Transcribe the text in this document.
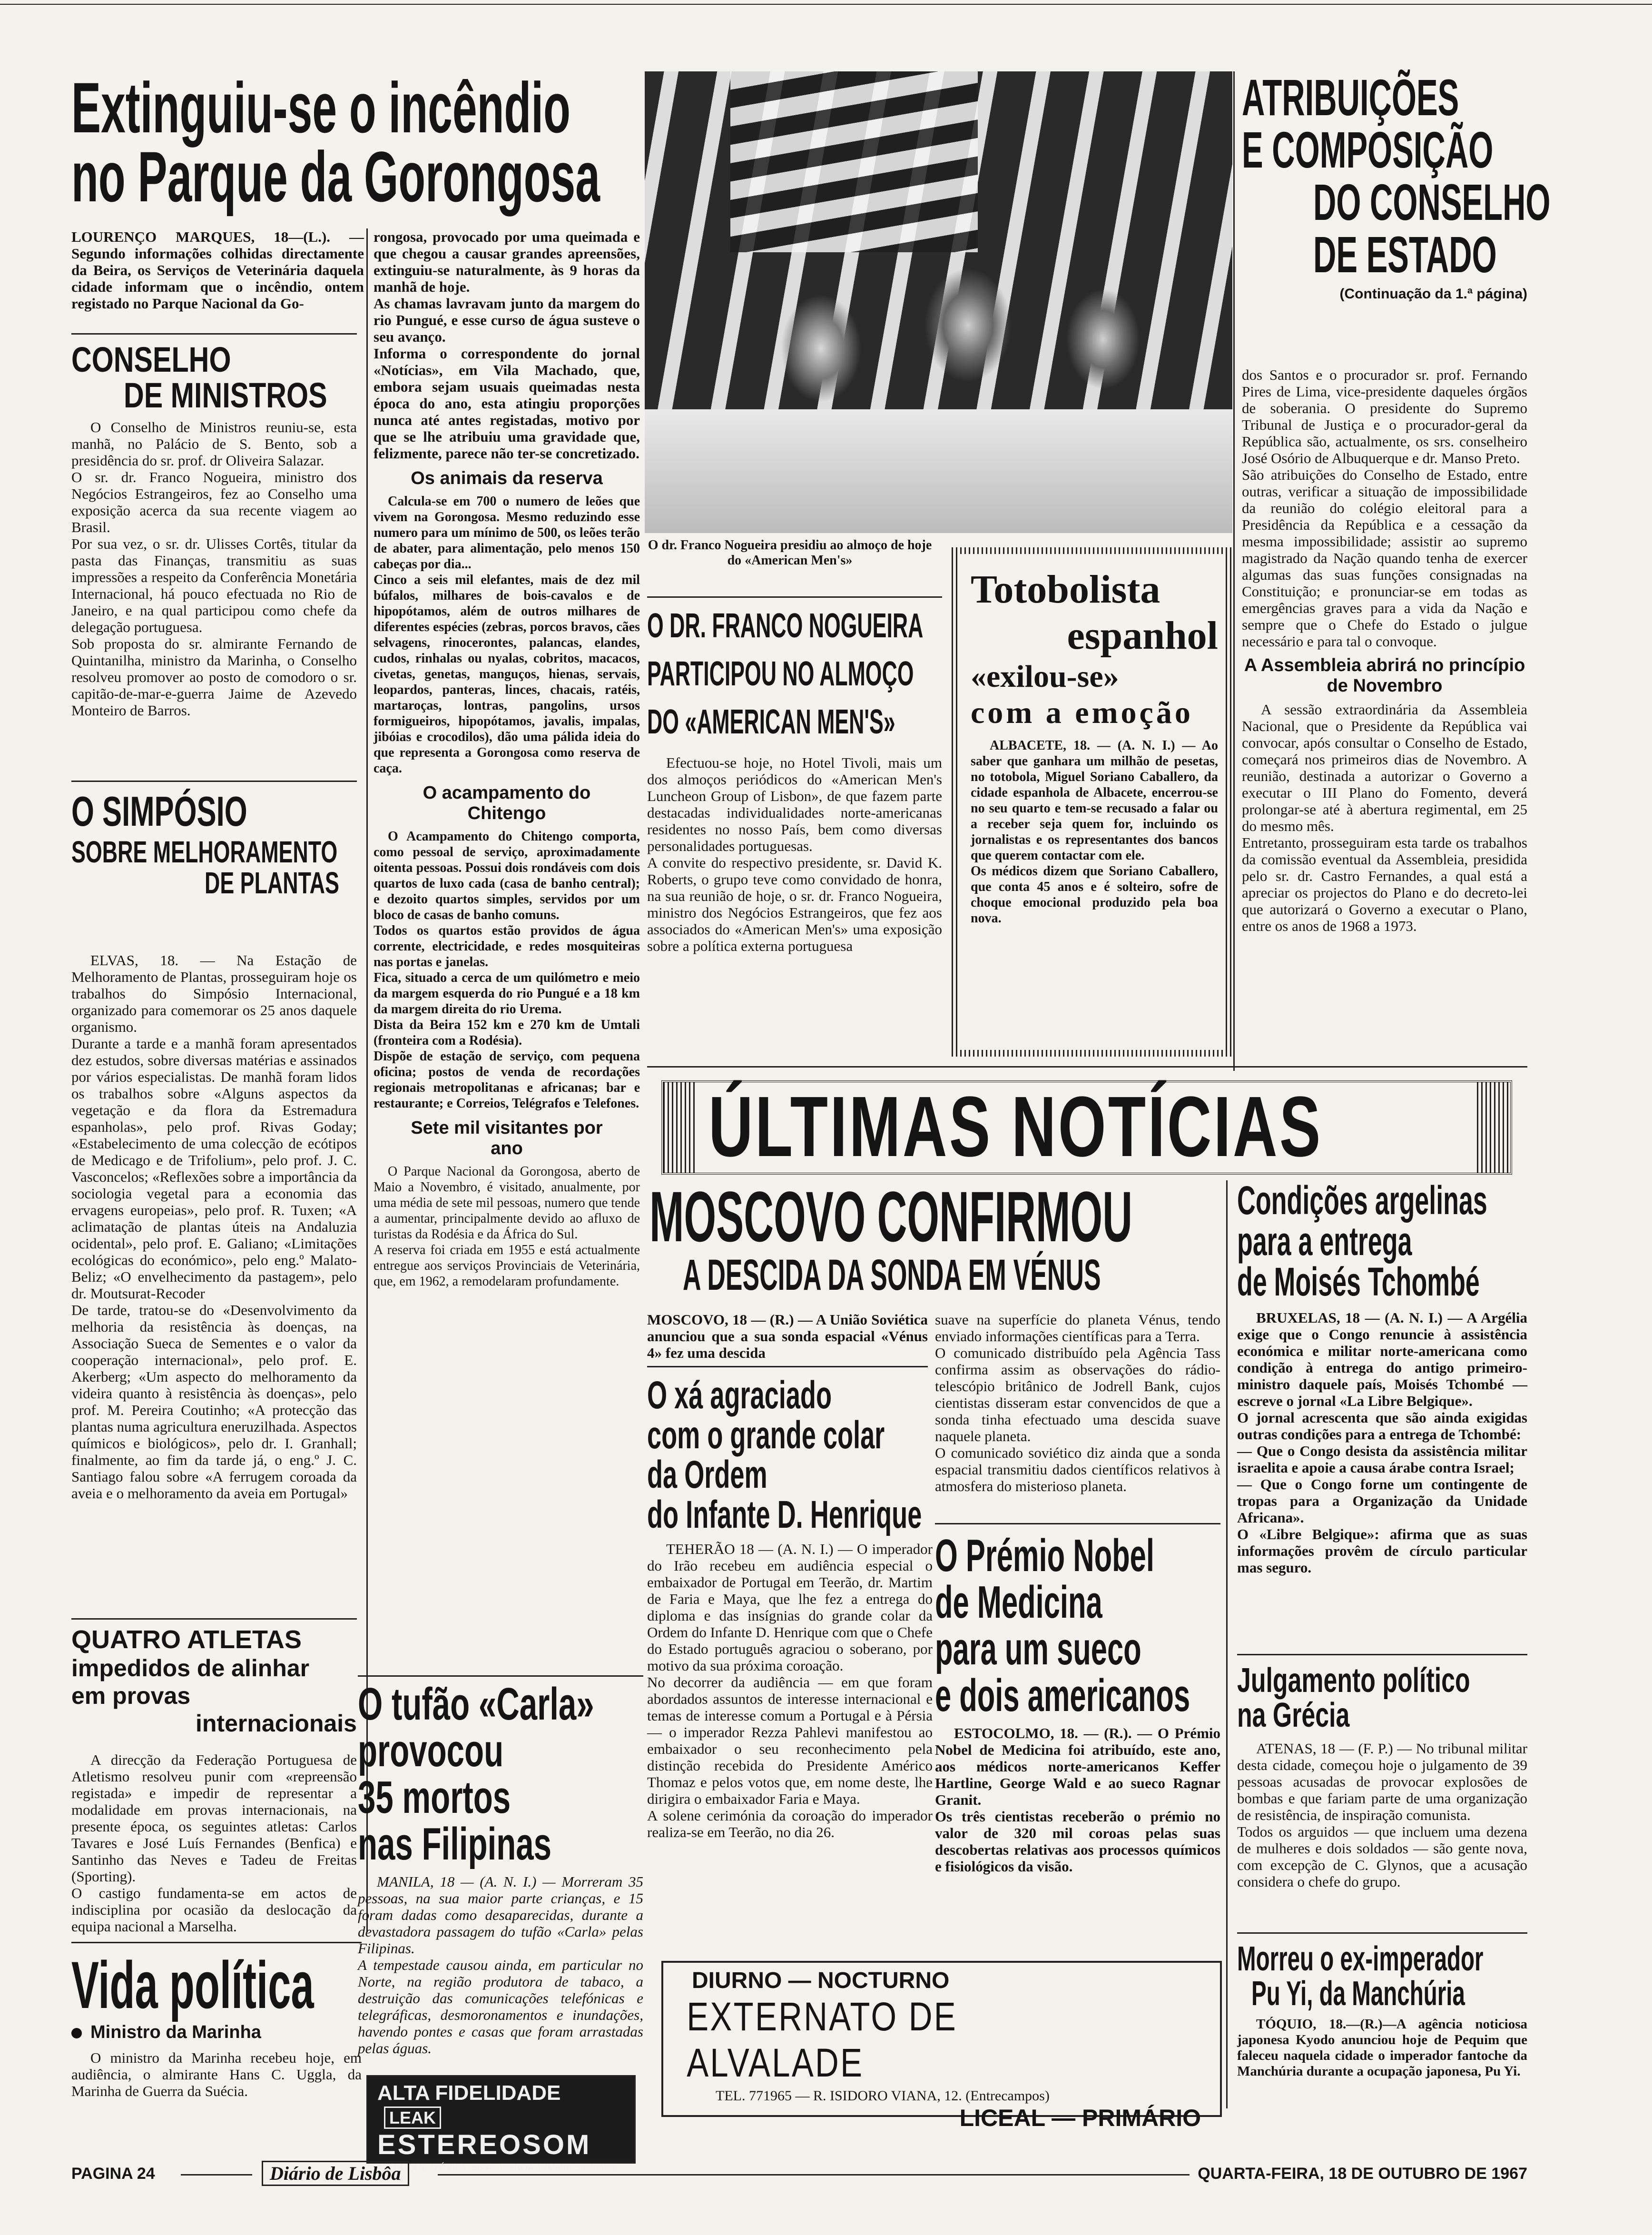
Extinguiu-se o incêndio
no Parque da Gorongosa

LOURENÇO MARQUES, 18—(L.). — Segundo informações colhidas directamente da Beira, os Serviços de Veterinária daquela cidade informam que o incêndio, ontem registado no Parque Nacional da Go-

CONSELHO
DE MINISTROS

O Conselho de Ministros reuniu-se, esta manhã, no Palácio de S. Bento, sob a presidência do sr. prof. dr Oliveira Salazar.
O sr. dr. Franco Nogueira, ministro dos Negócios Estrangeiros, fez ao Conselho uma exposição acerca da sua recente viagem ao Brasil.
Por sua vez, o sr. dr. Ulisses Cortês, titular da pasta das Finanças, transmitiu as suas impressões a respeito da Conferência Monetária Internacional, há pouco efectuada no Rio de Janeiro, e na qual participou como chefe da delegação portuguesa.
Sob proposta do sr. almirante Fernando de Quintanilha, ministro da Marinha, o Conselho resolveu promover ao posto de comodoro o sr. capitão-de-mar-e-guerra Jaime de Azevedo Monteiro de Barros.

O SIMPÓSIO
SOBRE MELHORAMENTO
DE PLANTAS

ELVAS, 18. — Na Estação de Melhoramento de Plantas, prosseguiram hoje os trabalhos do Simpósio Internacional, organizado para comemorar os 25 anos daquele organismo.
Durante a tarde e a manhã foram apresentados dez estudos, sobre diversas matérias e assinados por vários especialistas. De manhã foram lidos os trabalhos sobre «Alguns aspectos da vegetação e da flora da Estremadura espanholas», pelo prof. Rivas Goday; «Estabelecimento de uma colecção de ecótipos de Medicago e de Trifolium», pelo prof. J. C. Vasconcelos; «Reflexões sobre a importância da sociologia vegetal para a economia das ervagens europeias», pelo prof. R. Tuxen; «A aclimatação de plantas úteis na Andaluzia ocidental», pelo prof. E. Galiano; «Limitações ecológicas do económico», pelo eng.º Malato-Beliz; «O envelhecimento da pastagem», pelo dr. Moutsurat-Recoder
De tarde, tratou-se do «Desenvolvimento da melhoria da resistência às doenças, na Associação Sueca de Sementes e o valor da cooperação internacional», pelo prof. E. Akerberg; «Um aspecto do melhoramento da videira quanto à resistência às doenças», pelo prof. M. Pereira Coutinho; «A protecção das plantas numa agricultura eneruzilhada. Aspectos químicos e biológicos», pelo dr. I. Granhall; finalmente, ao fim da tarde já, o eng.º J. C. Santiago falou sobre «A ferrugem coroada da aveia e o melhoramento da aveia em Portugal»

QUATRO ATLETAS
impedidos de alinhar
em provas
internacionais

A direcção da Federação Portuguesa de Atletismo resolveu punir com «repreensão registada» e impedir de representar a modalidade em provas internacionais, na presente época, os seguintes atletas: Carlos Tavares e José Luís Fernandes (Benfica) e Santinho das Neves e Tadeu de Freitas (Sporting).
O castigo fundamenta-se em actos de indisciplina por ocasião da deslocação da equipa nacional a Marselha.

Vida política
Ministro da Marinha

O ministro da Marinha recebeu hoje, em audiência, o almirante Hans C. Uggla, da Marinha de Guerra da Suécia.

rongosa, provocado por uma queimada e que chegou a causar grandes apreensões, extinguiu-se naturalmente, às 9 horas da manhã de hoje.
As chamas lavravam junto da margem do rio Pungué, e esse curso de água susteve o seu avanço.
Informa o correspondente do jornal «Notícias», em Vila Machado, que, embora sejam usuais queimadas nesta época do ano, esta atingiu proporções nunca até antes registadas, motivo por que se lhe atribuiu uma gravidade que, felizmente, parece não ter-se concretizado.

Os animais da reserva

Calcula-se em 700 o numero de leões que vivem na Gorongosa. Mesmo reduzindo esse numero para um mínimo de 500, os leões terão de abater, para alimentação, pelo menos 150 cabeças por dia...
Cinco a seis mil elefantes, mais de dez mil búfalos, milhares de bois-cavalos e de hipopótamos, além de outros milhares de diferentes espécies (zebras, porcos bravos, cães selvagens, rinocerontes, palancas, elandes, cudos, rinhalas ou nyalas, cobritos, macacos, civetas, genetas, manguços, hienas, servais, leopardos, panteras, linces, chacais, ratéis, martaroças, lontras, pangolins, ursos formigueiros, hipopótamos, javalis, impalas, jibóias e crocodilos), dão uma pálida ideia do que representa a Gorongosa como reserva de caça.

O acampamento do Chitengo

O Acampamento do Chitengo comporta, como pessoal de serviço, aproximadamente oitenta pessoas. Possui dois rondáveis com dois quartos de luxo cada (casa de banho central); e dezoito quartos simples, servidos por um bloco de casas de banho comuns.
Todos os quartos estão providos de água corrente, electricidade, e redes mosquiteiras nas portas e janelas.
Fica, situado a cerca de um quilómetro e meio da margem esquerda do rio Pungué e a 18 km da margem direita do rio Urema.
Dista da Beira 152 km e 270 km de Umtali (fronteira com a Rodésia).
Dispõe de estação de serviço, com pequena oficina; postos de venda de recordações regionais metropolitanas e africanas; bar e restaurante; e Correios, Telégrafos e Telefones.

Sete mil visitantes por ano

O Parque Nacional da Gorongosa, aberto de Maio a Novembro, é visitado, anualmente, por uma média de sete mil pessoas, numero que tende a aumentar, principalmente devido ao afluxo de turistas da Rodésia e da África do Sul.
A reserva foi criada em 1955 e está actualmente entregue aos serviços Provinciais de Veterinária, que, em 1962, a remodelaram profundamente.

O tufão «Carla»
provocou
35 mortos
nas Filipinas

MANILA, 18 — (A. N. I.) — Morreram 35 pessoas, na sua maior parte crianças, e 15 foram dadas como desaparecidas, durante a devastadora passagem do tufão «Carla» pelas Filipinas.
A tempestade causou ainda, em particular no Norte, na região produtora de tabaco, a destruição das comunicações telefónicas e telegráficas, desmoronamentos e inundações, havendo pontes e casas que foram arrastadas pelas águas.

ALTA FIDELIDADE LEAK
ESTEREOSOM
AV. DUQUE D'ÁVILA, 56-A - LISBOA 1 (Metro Saldanha)

O dr. Franco Nogueira presidiu ao almoço de hoje do «American Men's»

O DR. FRANCO NOGUEIRA
PARTICIPOU NO ALMOÇO
DO «AMERICAN MEN'S»

Efectuou-se hoje, no Hotel Tivoli, mais um dos almoços periódicos do «American Men's Luncheon Group of Lisbon», de que fazem parte destacadas individualidades norte-americanas residentes no nosso País, bem como diversas personalidades portuguesas.
A convite do respectivo presidente, sr. David K. Roberts, o grupo teve como convidado de honra, na sua reunião de hoje, o sr. dr. Franco Nogueira, ministro dos Negócios Estrangeiros, que fez aos associados do «American Men's» uma exposição sobre a política externa portuguesa

Totobolista
espanhol
«exilou-se»
com a emoção

ALBACETE, 18. — (A. N. I.) — Ao saber que ganhara um milhão de pesetas, no totobola, Miguel Soriano Caballero, da cidade espanhola de Albacete, encerrou-se no seu quarto e tem-se recusado a falar ou a receber seja quem for, incluindo os jornalistas e os representantes dos bancos que querem contactar com ele.
Os médicos dizem que Soriano Caballero, que conta 45 anos e é solteiro, sofre de choque emocional produzido pela boa nova.

ATRIBUIÇÕES
E COMPOSIÇÃO
DO CONSELHO
DE ESTADO
(Continuação da 1.ª página)

dos Santos e o procurador sr. prof. Fernando Pires de Lima, vice-presidente daqueles órgãos de soberania. O presidente do Supremo Tribunal de Justiça e o procurador-geral da República são, actualmente, os srs. conselheiro José Osório de Albuquerque e dr. Manso Preto.
São atribuições do Conselho de Estado, entre outras, verificar a situação de impossibilidade da reunião do colégio eleitoral para a Presidência da República e a cessação da mesma impossibilidade; assistir ao supremo magistrado da Nação quando tenha de exercer algumas das suas funções consignadas na Constituição; e pronunciar-se em todas as emergências graves para a vida da Nação e sempre que o Chefe do Estado o julgue necessário e para tal o convoque.

A Assembleia abrirá no princípio de Novembro

A sessão extraordinária da Assembleia Nacional, que o Presidente da República vai convocar, após consultar o Conselho de Estado, começará nos primeiros dias de Novembro. A reunião, destinada a autorizar o Governo a executar o III Plano do Fomento, deverá prolongar-se até à abertura regimental, em 25 do mesmo mês.
Entretanto, prosseguiram esta tarde os trabalhos da comissão eventual da Assembleia, presidida pelo sr. dr. Castro Fernandes, a qual está a apreciar os projectos do Plano e do decreto-lei que autorizará o Governo a executar o Plano, entre os anos de 1968 a 1973.

ÚLTIMAS NOTÍCIAS
MOSCOVO CONFIRMOU
A DESCIDA DA SONDA EM VÉNUS

MOSCOVO, 18 — (R.) — A União Soviética anunciou que a sua sonda espacial «Vénus 4» fez uma descida

suave na superfície do planeta Vénus, tendo enviado informações científicas para a Terra.
O comunicado distribuído pela Agência Tass confirma assim as observações do rádio-telescópio britânico de Jodrell Bank, cujos cientistas disseram estar convencidos de que a sonda tinha efectuado uma descida suave naquele planeta.
O comunicado soviético diz ainda que a sonda espacial transmitiu dados científicos relativos à atmosfera do misterioso planeta.

O xá agraciado
com o grande colar
da Ordem
do Infante D. Henrique

TEHERÃO 18 — (A. N. I.) — O imperador do Irão recebeu em audiência especial o embaixador de Portugal em Teerão, dr. Martim de Faria e Maya, que lhe fez a entrega do diploma e das insígnias do grande colar da Ordem do Infante D. Henrique com que o Chefe do Estado português agraciou o soberano, por motivo da sua próxima coroação.
No decorrer da audiência — em que foram abordados assuntos de interesse internacional e temas de interesse comum a Portugal e à Pérsia — o imperador Rezza Pahlevi manifestou ao embaixador o seu reconhecimento pela distinção recebida do Presidente Américo Thomaz e pelos votos que, em nome deste, lhe dirigira o embaixador Faria e Maya.
A solene cerimónia da coroação do imperador realiza-se em Teerão, no dia 26.

O Prémio Nobel
de Medicina
para um sueco
e dois americanos

ESTOCOLMO, 18. — (R.). — O Prémio Nobel de Medicina foi atribuído, este ano, aos médicos norte-americanos Keffer Hartline, George Wald e ao sueco Ragnar Granit.
Os três cientistas receberão o prémio no valor de 320 mil coroas pelas suas descobertas relativas aos processos químicos e fisiológicos da visão.

DIURNO — NOCTURNO
EXTERNATO DE ALVALADE
TEL. 771965 — R. ISIDORO VIANA, 12. (Entrecampos)
LICEAL — PRIMÁRIO
Condições argelinas
para a entrega
de Moisés Tchombé

BRUXELAS, 18 — (A. N. I.) — A Argélia exige que o Congo renuncie à assistência económica e militar norte-americana como condição à entrega do antigo primeiro-ministro daquele país, Moisés Tchombé — escreve o jornal «La Libre Belgique».
O jornal acrescenta que são ainda exigidas outras condições para a entrega de Tchombé:
— Que o Congo desista da assistência militar israelita e apoie a causa árabe contra Israel;
— Que o Congo forne um contingente de tropas para a Organização da Unidade Africana».
O «Libre Belgique»: afirma que as suas informações provêm de círculo particular mas seguro.

Julgamento político
na Grécia

ATENAS, 18 — (F. P.) — No tribunal militar desta cidade, começou hoje o julgamento de 39 pessoas acusadas de provocar explosões de bombas e que fariam parte de uma organização de resistência, de inspiração comunista.
Todos os arguidos — que incluem uma dezena de mulheres e dois soldados — são gente nova, com excepção de C. Glynos, que a acusação considera o chefe do grupo.

Morreu o ex-imperador
Pu Yi, da Manchúria

TÓQUIO, 18.—(R.)—A agência noticiosa japonesa Kyodo anunciou hoje de Pequim que faleceu naquela cidade o imperador fantoche da Manchúria durante a ocupação japonesa, Pu Yi.

PAGINA 24	Diário de Lisbôa	QUARTA-FEIRA, 18 DE OUTUBRO DE 1967
